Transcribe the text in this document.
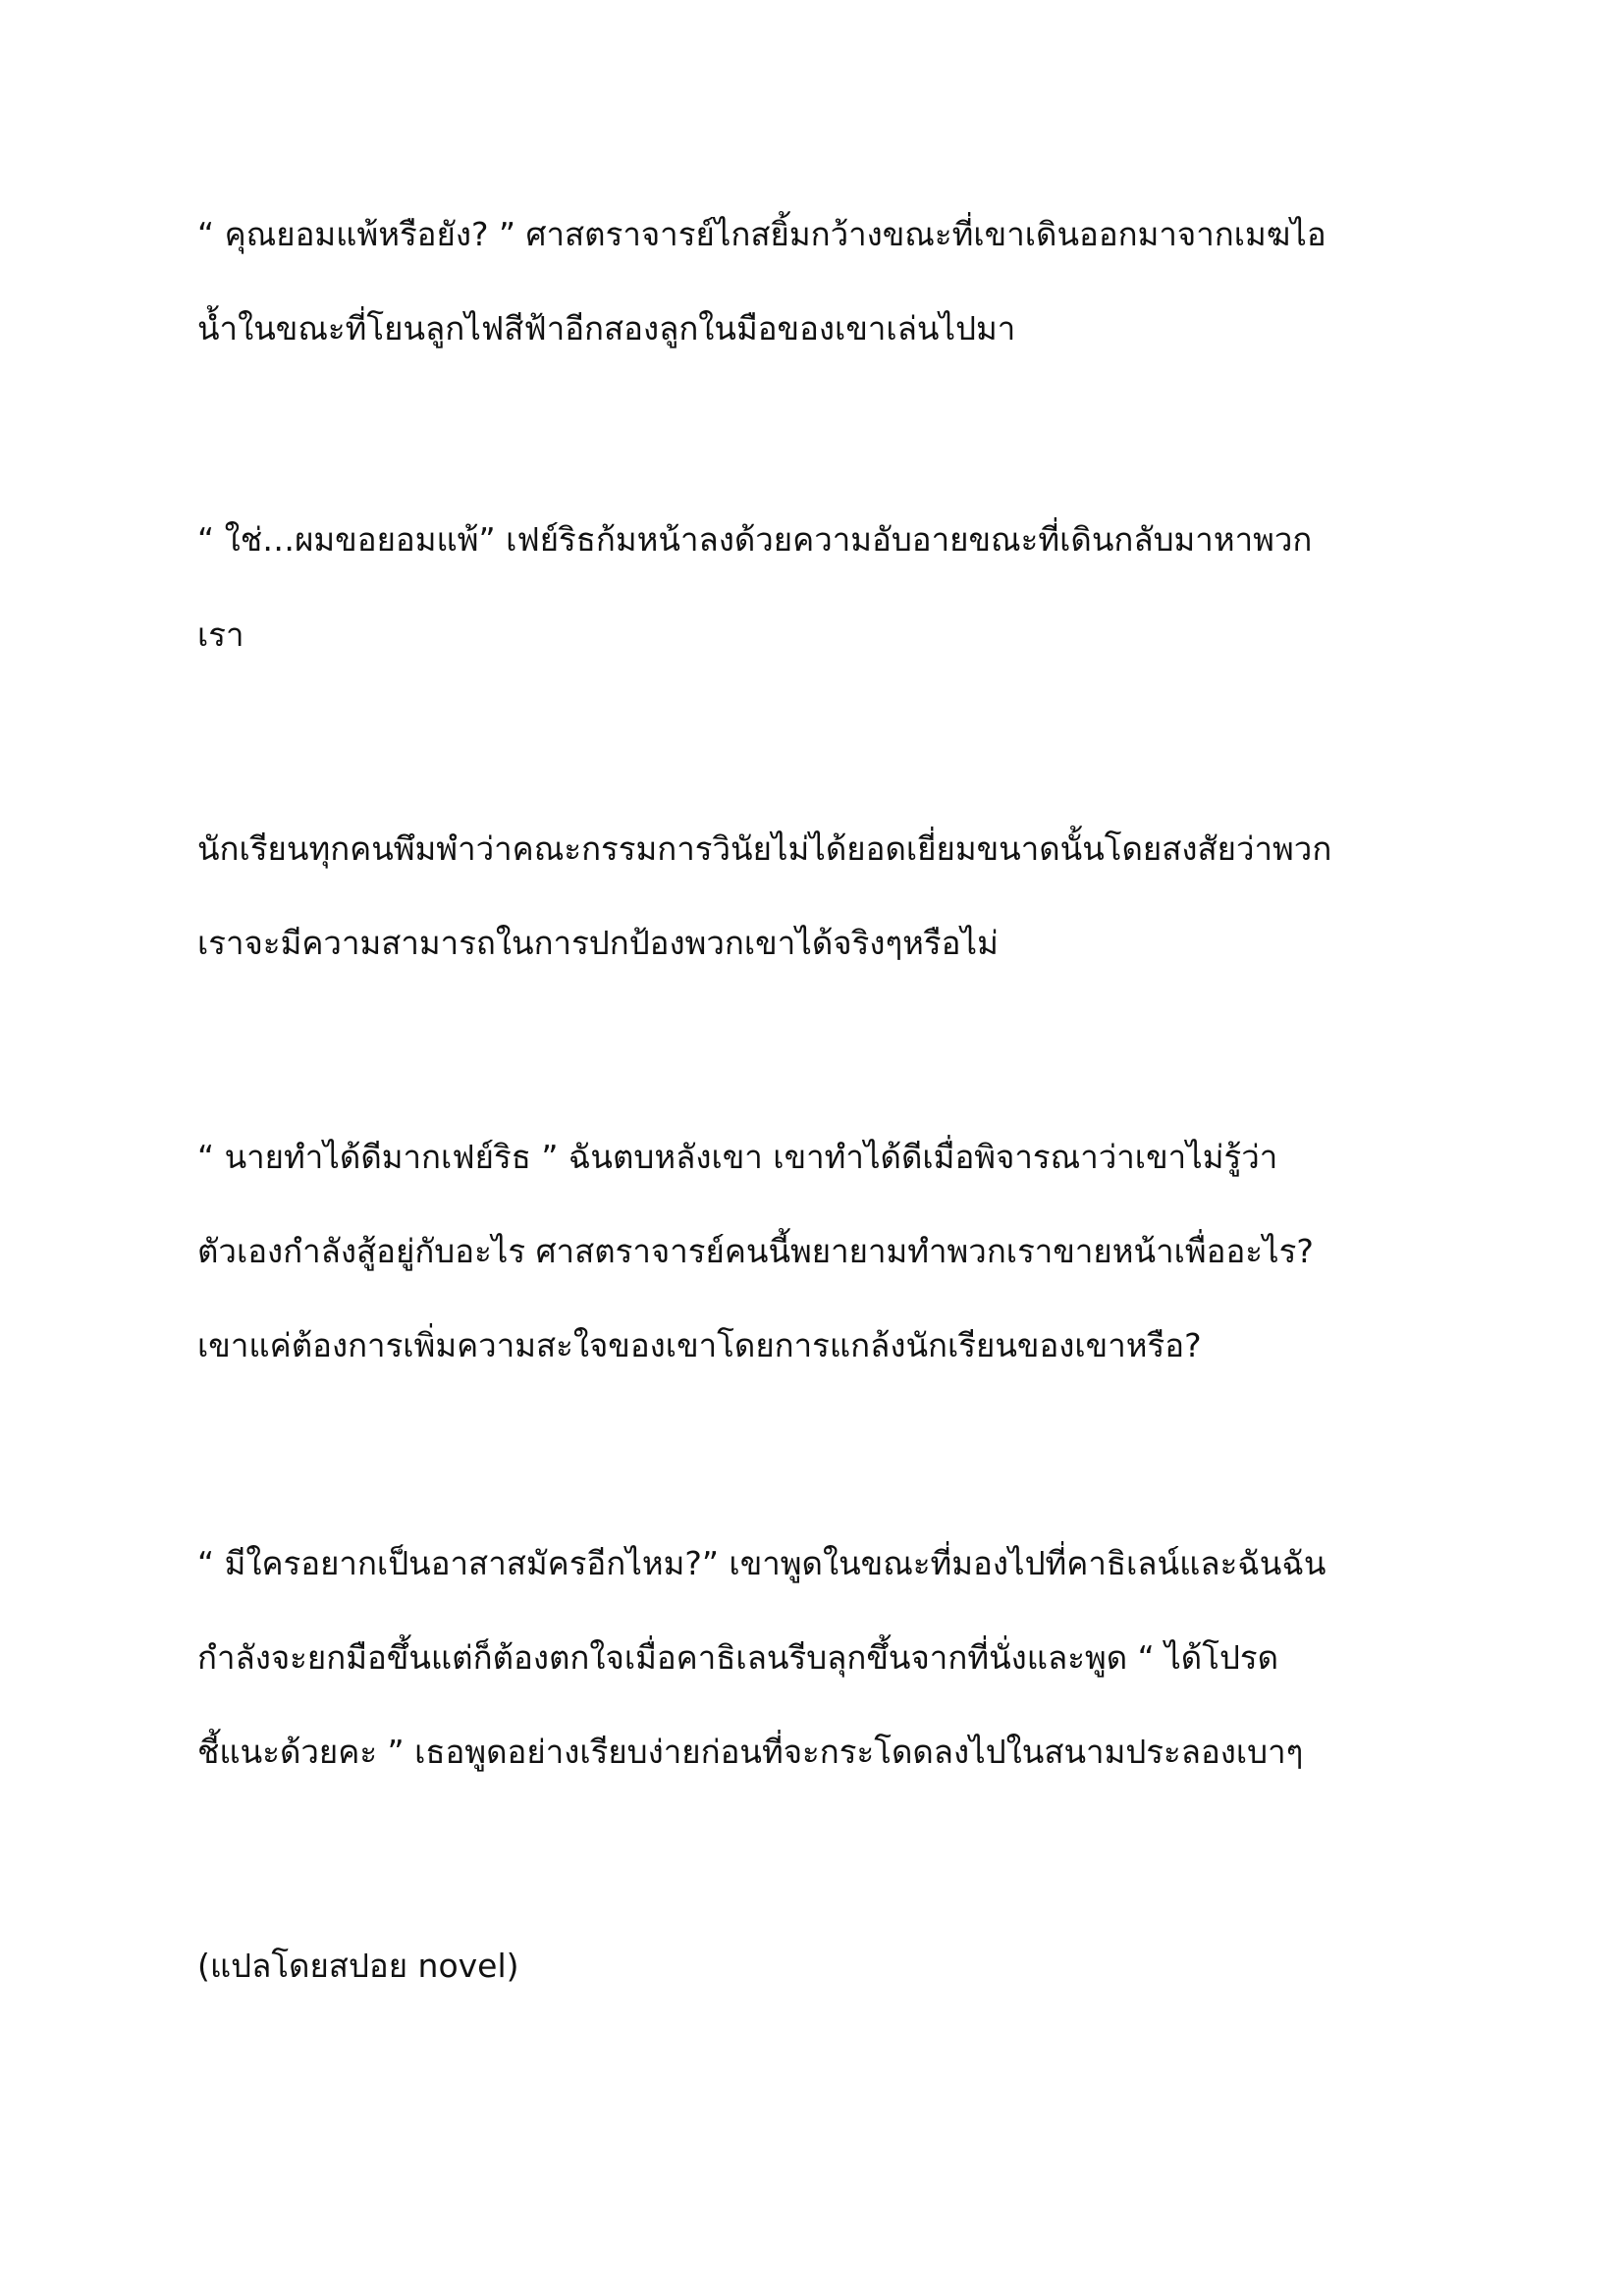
“ คุณยอมแพ้หรือยัง? ” ศาสตราจารย์ไกสยิ้มกว้างขณะที่เขาเดินออกมาจากเมฆไอ
น้ำในขณะที่โยนลูกไฟสีฟ้าอีกสองลูกในมือของเขาเล่นไปมา
“ ใช่…ผมขอยอมแพ้” เฟย์ริธก้มหน้าลงด้วยความอับอายขณะที่เดินกลับมาหาพวก
เรา
นักเรียนทุกคนพึมพำว่าคณะกรรมการวินัยไม่ได้ยอดเยี่ยมขนาดนั้นโดยสงสัยว่าพวก
เราจะมีความสามารถในการปกป้องพวกเขาได้จริงๆหรือไม่
“ นายทำได้ดีมากเฟย์ริธ ” ฉันตบหลังเขา เขาทำได้ดีเมื่อพิจารณาว่าเขาไม่รู้ว่า
ตัวเองกำลังสู้อยู่กับอะไร ศาสตราจารย์คนนี้พยายามทำพวกเราขายหน้าเพื่ออะไร?
เขาแค่ต้องการเพิ่มความสะใจของเขาโดยการแกล้งนักเรียนของเขาหรือ?
“ มีใครอยากเป็นอาสาสมัครอีกไหม?” เขาพูดในขณะที่มองไปที่คาธิเลน์และฉันฉัน
กำลังจะยกมือขึ้นแต่ก็ต้องตกใจเมื่อคาธิเลนรีบลุกขึ้นจากที่นั่งและพูด “ ได้โปรด
ชี้แนะด้วยคะ ” เธอพูดอย่างเรียบง่ายก่อนที่จะกระโดดลงไปในสนามประลองเบาๆ
(แปลโดยสปอย novel)
